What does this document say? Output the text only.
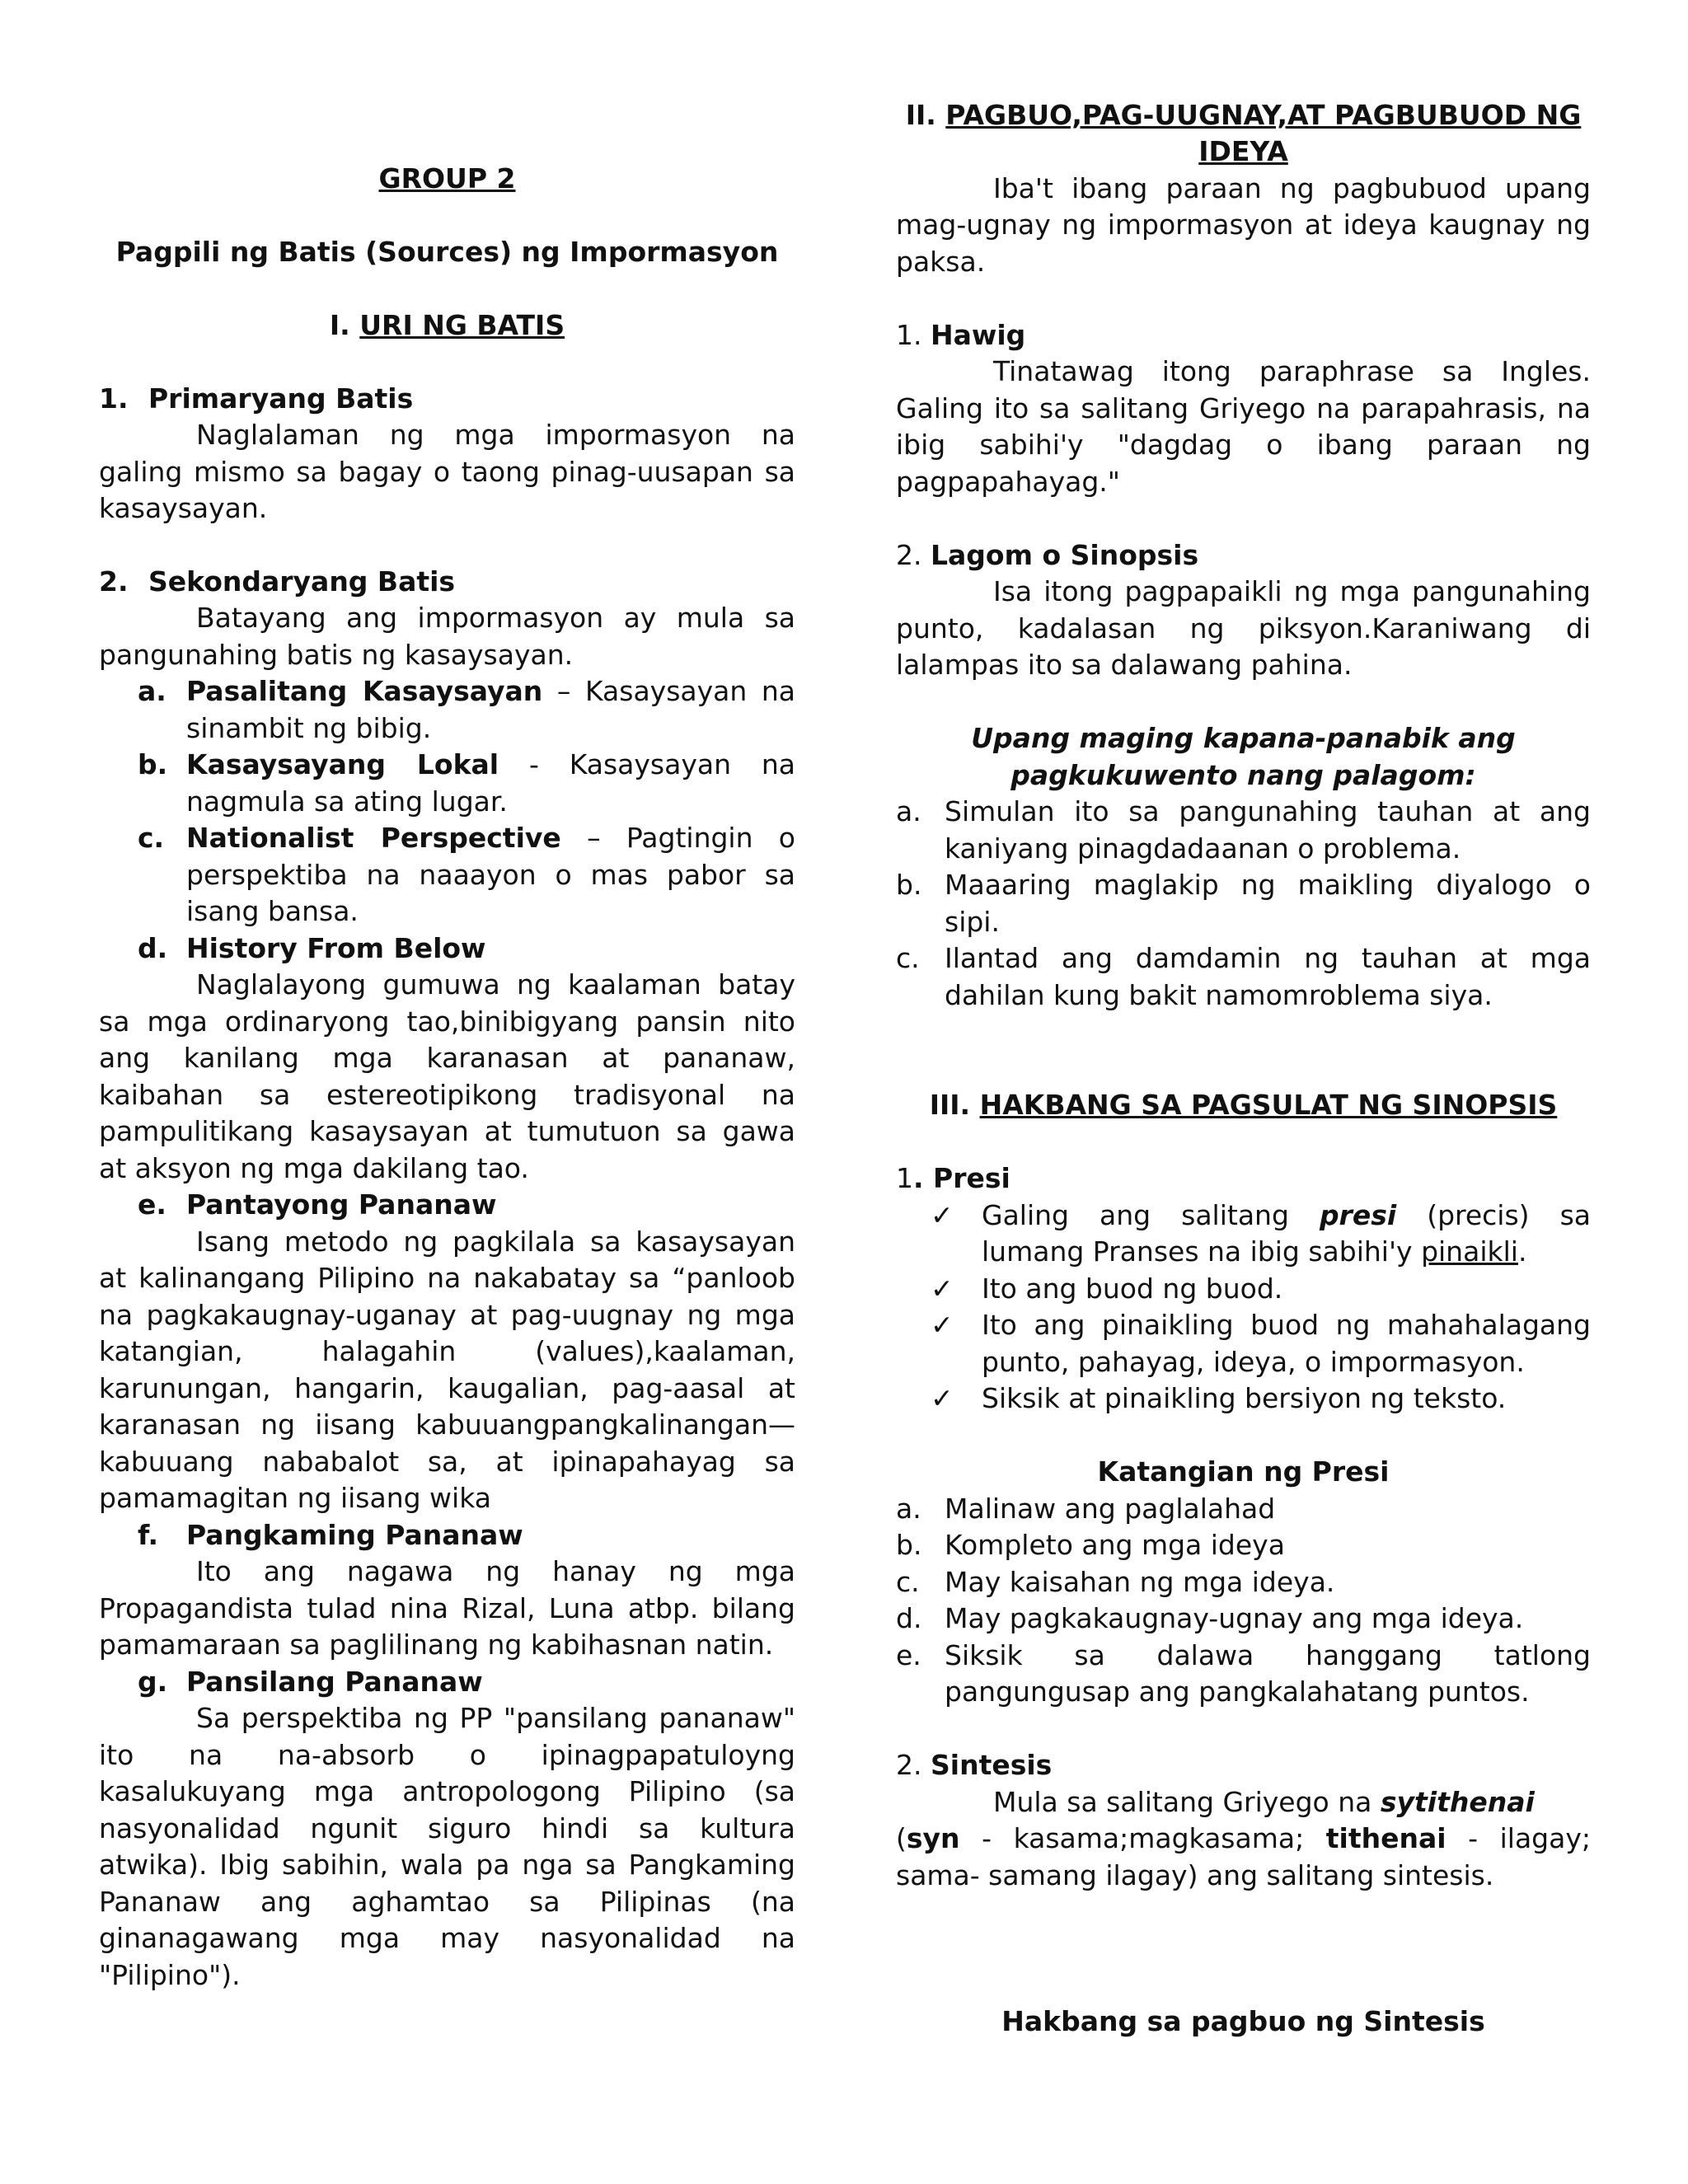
GROUP 2
Pagpili ng Batis (Sources) ng Impormasyon
I. URI NG BATIS
1. Primaryang Batis
Naglalaman ng mga impormasyon na
galing mismo sa bagay o taong pinag-uusapan sa
kasaysayan.
2. Sekondaryang Batis
Batayang ang impormasyon ay mula sa
pangunahing batis ng kasaysayan.
a. Pasalitang Kasaysayan – Kasaysayan na
sinambit ng bibig.
b. Kasaysayang Lokal - Kasaysayan na
nagmula sa ating lugar.
c. Nationalist Perspective – Pagtingin o
perspektiba na naaayon o mas pabor sa
isang bansa.
d. History From Below
Naglalayong gumuwa ng kaalaman batay
sa mga ordinaryong tao,binibigyang pansin nito
ang kanilang mga karanasan at pananaw,
kaibahan sa estereotipikong tradisyonal na
pampulitikang kasaysayan at tumutuon sa gawa
at aksyon ng mga dakilang tao.
e. Pantayong Pananaw
Isang metodo ng pagkilala sa kasaysayan
at kalinangang Pilipino na nakabatay sa “panloob
na pagkakaugnay-uganay at pag-uugnay ng mga
katangian, halagahin (values),kaalaman,
karunungan, hangarin, kaugalian, pag-aasal at
karanasan ng iisang kabuuangpangkalinangan—
kabuuang nababalot sa, at ipinapahayag sa
pamamagitan ng iisang wika
f. Pangkaming Pananaw
Ito ang nagawa ng hanay ng mga
Propagandista tulad nina Rizal, Luna atbp. bilang
pamamaraan sa paglilinang ng kabihasnan natin.
g. Pansilang Pananaw
Sa perspektiba ng PP "pansilang pananaw"
ito na na-absorb o ipinagpapatuloyng
kasalukuyang mga antropologong Pilipino (sa
nasyonalidad ngunit siguro hindi sa kultura
atwika). Ibig sabihin, wala pa nga sa Pangkaming
Pananaw ang aghamtao sa Pilipinas (na
ginanagawang mga may nasyonalidad na
"Pilipino").
II. PAGBUO,PAG-UUGNAY,AT PAGBUBUOD NG
IDEYA
Iba't ibang paraan ng pagbubuod upang
mag-ugnay ng impormasyon at ideya kaugnay ng
paksa.
1. Hawig
Tinatawag itong paraphrase sa Ingles.
Galing ito sa salitang Griyego na parapahrasis, na
ibig sabihi'y "dagdag o ibang paraan ng
pagpapahayag."
2. Lagom o Sinopsis
Isa itong pagpapaikli ng mga pangunahing
punto, kadalasan ng piksyon.Karaniwang di
lalampas ito sa dalawang pahina.
Upang maging kapana-panabik ang
pagkukuwento nang palagom:
a. Simulan ito sa pangunahing tauhan at ang
kaniyang pinagdadaanan o problema.
b. Maaaring maglakip ng maikling diyalogo o
sipi.
c. Ilantad ang damdamin ng tauhan at mga
dahilan kung bakit namomroblema siya.
III. HAKBANG SA PAGSULAT NG SINOPSIS
1. Presi
✓ Galing ang salitang presi (precis) sa
lumang Pranses na ibig sabihi'y pinaikli.
✓ Ito ang buod ng buod.
✓ Ito ang pinaikling buod ng mahahalagang
punto, pahayag, ideya, o impormasyon.
✓ Siksik at pinaikling bersiyon ng teksto.
Katangian ng Presi
a. Malinaw ang paglalahad
b. Kompleto ang mga ideya
c. May kaisahan ng mga ideya.
d. May pagkakaugnay-ugnay ang mga ideya.
e. Siksik sa dalawa hanggang tatlong
pangungusap ang pangkalahatang puntos.
2. Sintesis
Mula sa salitang Griyego na sytithenai
(syn - kasama;magkasama; tithenai - ilagay;
sama- samang ilagay) ang salitang sintesis.
Hakbang sa pagbuo ng Sintesis
